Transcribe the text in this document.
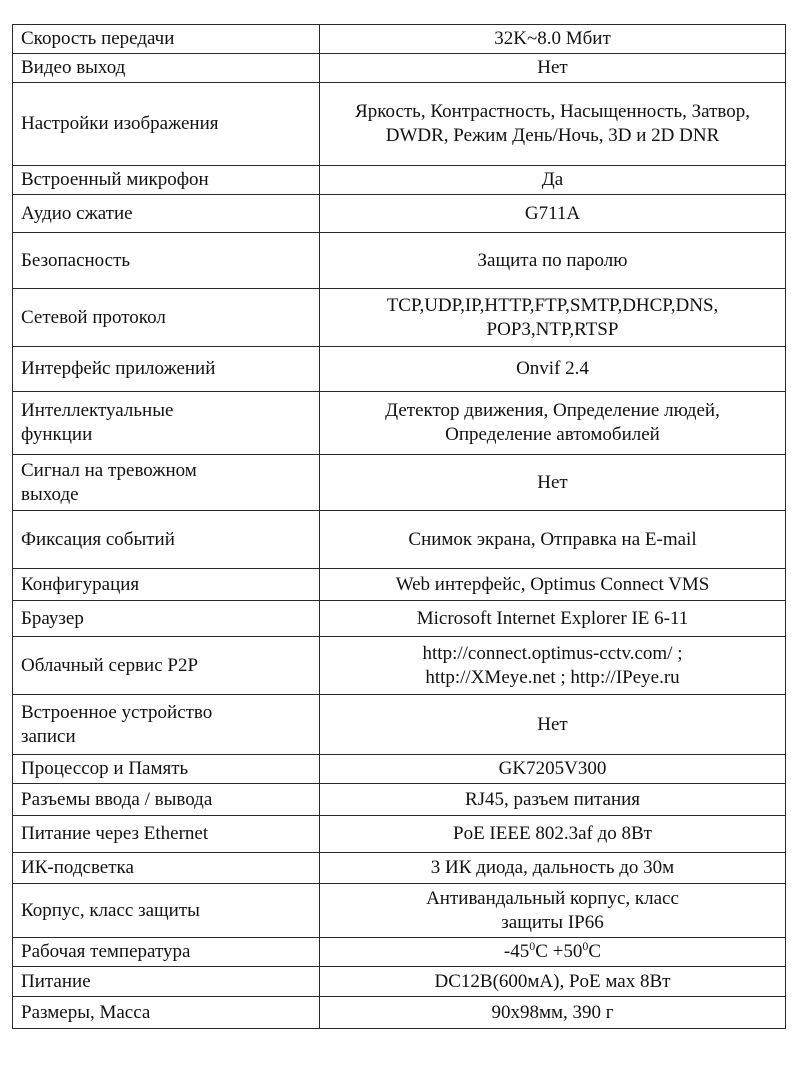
Скорость передачи	32K~8.0 Мбит
Видео выход	Нет
Настройки изображения	Яркость, Контрастность, Насыщенность, Затвор, DWDR, Режим День/Ночь, 3D и 2D DNR
Встроенный микрофон	Да
Аудио сжатие	G711A
Безопасность	Защита по паролю
Сетевой протокол	TCP,UDP,IP,HTTP,FTP,SMTP,DHCP,DNS, POP3,NTP,RTSP
Интерфейс приложений	Onvif 2.4
Интеллектуальные функции	Детектор движения, Определение людей, Определение автомобилей
Сигнал на тревожном выходе	Нет
Фиксация событий	Снимок экрана, Отправка на E-mail
Конфигурация	Web интерфейс, Optimus Connect VMS
Браузер	Microsoft Internet Explorer IE 6-11
Облачный сервис P2P	http://connect.optimus-cctv.com/ ; http://XMeye.net ; http://IPeye.ru
Встроенное устройство записи	Нет
Процессор и Память	GK7205V300
Разъемы ввода / вывода	RJ45, разъем питания
Питание через Ethernet	PoE IEEE 802.3af до 8Вт
ИК-подсветка	3 ИК диода, дальность до 30м
Корпус, класс защиты	Антивандальный корпус, класс защиты IP66
Рабочая температура	$-45^0C +50^0C$
Питание	DC12В(600мА), PoE мах 8Вт
Размеры, Масса	90х98мм, 390 г
